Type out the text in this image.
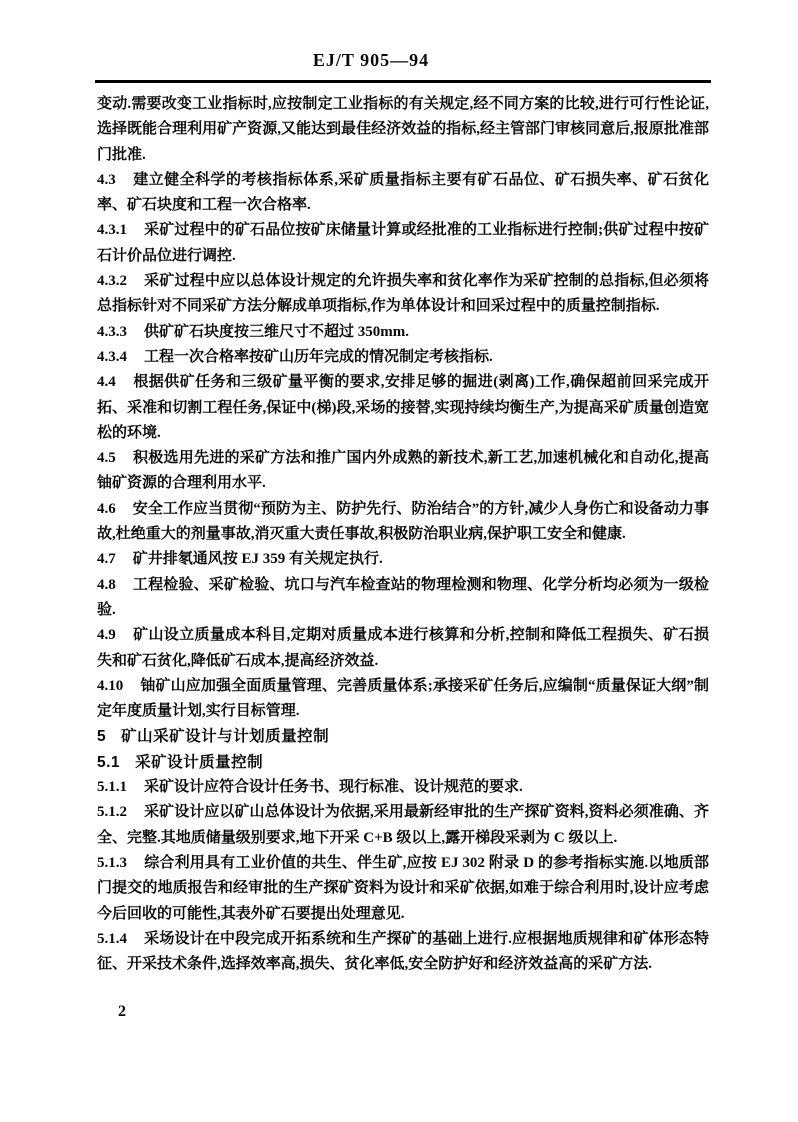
EJ/T 905—94

变动.需要改变工业指标时,应按制定工业指标的有关规定,经不同方案的比较,进行可行性论证,选择既能合理利用矿产资源,又能达到最佳经济效益的指标,经主管部门审核同意后,报原批准部门批准.

4.3 建立健全科学的考核指标体系,采矿质量指标主要有矿石品位、矿石损失率、矿石贫化率、矿石块度和工程一次合格率.

4.3.1 采矿过程中的矿石品位按矿床储量计算或经批准的工业指标进行控制;供矿过程中按矿石计价品位进行调控.

4.3.2 采矿过程中应以总体设计规定的允许损失率和贫化率作为采矿控制的总指标,但必须将总指标针对不同采矿方法分解成单项指标,作为单体设计和回采过程中的质量控制指标.

4.3.3 供矿矿石块度按三维尺寸不超过 350mm.

4.3.4 工程一次合格率按矿山历年完成的情况制定考核指标.

4.4 根据供矿任务和三级矿量平衡的要求,安排足够的掘进(剥离)工作,确保超前回采完成开拓、采准和切割工程任务,保证中(梯)段,采场的接替,实现持续均衡生产,为提高采矿质量创造宽松的环境.

4.5 积极选用先进的采矿方法和推广国内外成熟的新技术,新工艺,加速机械化和自动化,提高铀矿资源的合理利用水平.

4.6 安全工作应当贯彻“预防为主、防护先行、防治结合”的方针,减少人身伤亡和设备动力事故,杜绝重大的剂量事故,消灭重大责任事故,积极防治职业病,保护职工安全和健康.

4.7 矿井排氡通风按 EJ 359 有关规定执行.

4.8 工程检验、采矿检验、坑口与汽车检查站的物理检测和物理、化学分析均必须为一级检验.

4.9 矿山设立质量成本科目,定期对质量成本进行核算和分析,控制和降低工程损失、矿石损失和矿石贫化,降低矿石成本,提高经济效益.

4.10 铀矿山应加强全面质量管理、完善质量体系;承接采矿任务后,应编制“质量保证大纲”制定年度质量计划,实行目标管理.

5 矿山采矿设计与计划质量控制

5.1 采矿设计质量控制

5.1.1 采矿设计应符合设计任务书、现行标准、设计规范的要求.

5.1.2 采矿设计应以矿山总体设计为依据,采用最新经审批的生产探矿资料,资料必须准确、齐全、完整.其地质储量级别要求,地下开采 C+B 级以上,露开梯段采剥为 C 级以上.

5.1.3 综合利用具有工业价值的共生、伴生矿,应按 EJ 302 附录 D 的参考指标实施.以地质部门提交的地质报告和经审批的生产探矿资料为设计和采矿依据,如难于综合利用时,设计应考虑今后回收的可能性,其表外矿石要提出处理意见.

5.1.4 采场设计在中段完成开拓系统和生产探矿的基础上进行.应根据地质规律和矿体形态特征、开采技术条件,选择效率高,损失、贫化率低,安全防护好和经济效益高的采矿方法.

2
